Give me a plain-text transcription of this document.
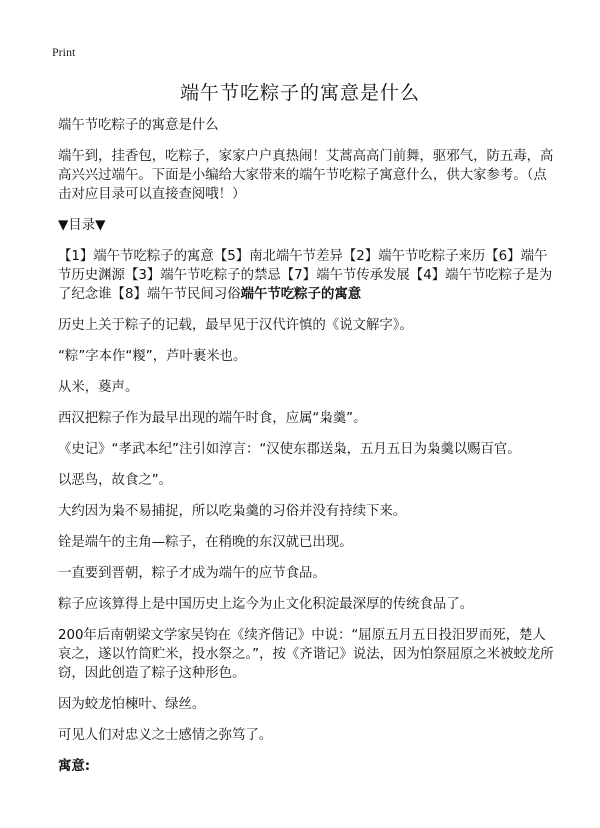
Print
端午节吃粽子的寓意是什么

端午节吃粽子的寓意是什么

端午到，挂香包，吃粽子，家家户户真热闹！艾蒿高高门前舞，驱邪气，防五毒，高高兴兴过端午。下面是小编给大家带来的端午节吃粽子寓意什么，供大家参考。（点击对应目录可以直接查阅哦！）

▼目录▼

【1】端午节吃粽子的寓意【5】南北端午节差异【2】端午节吃粽子来历【6】端午节历史渊源【3】端午节吃粽子的禁忌【7】端午节传承发展【4】端午节吃粽子是为了纪念谁【8】端午节民间习俗端午节吃粽子的寓意

历史上关于粽子的记载，最早见于汉代许慎的《说文解字》。

“粽”字本作“糉”，芦叶裹米也。

从米，葼声。

西汉把粽子作为最早出现的端午时食，应属“枭羹”。

《史记》“孝武本纪”注引如淳言：“汉使东郡送枭，五月五日为枭羹以赐百官。

以恶鸟，故食之”。

大约因为枭不易捕捉，所以吃枭羹的习俗并没有持续下来。

铨是端午的主角—粽子，在稍晚的东汉就已出现。

一直要到晋朝，粽子才成为端午的应节食品。

粽子应该算得上是中国历史上迄今为止文化积淀最深厚的传统食品了。

200年后南朝梁文学家吴钧在《续齐偕记》中说：“屈原五月五日投汨罗而死，楚人哀之，遂以竹筒贮米，投水祭之。”，按《齐谐记》说法，因为怕祭屈原之米被蛟龙所窃，因此创造了粽子这种形色。

因为蛟龙怕楝叶、绿丝。

可见人们对忠义之士感情之弥笃了。

寓意:
